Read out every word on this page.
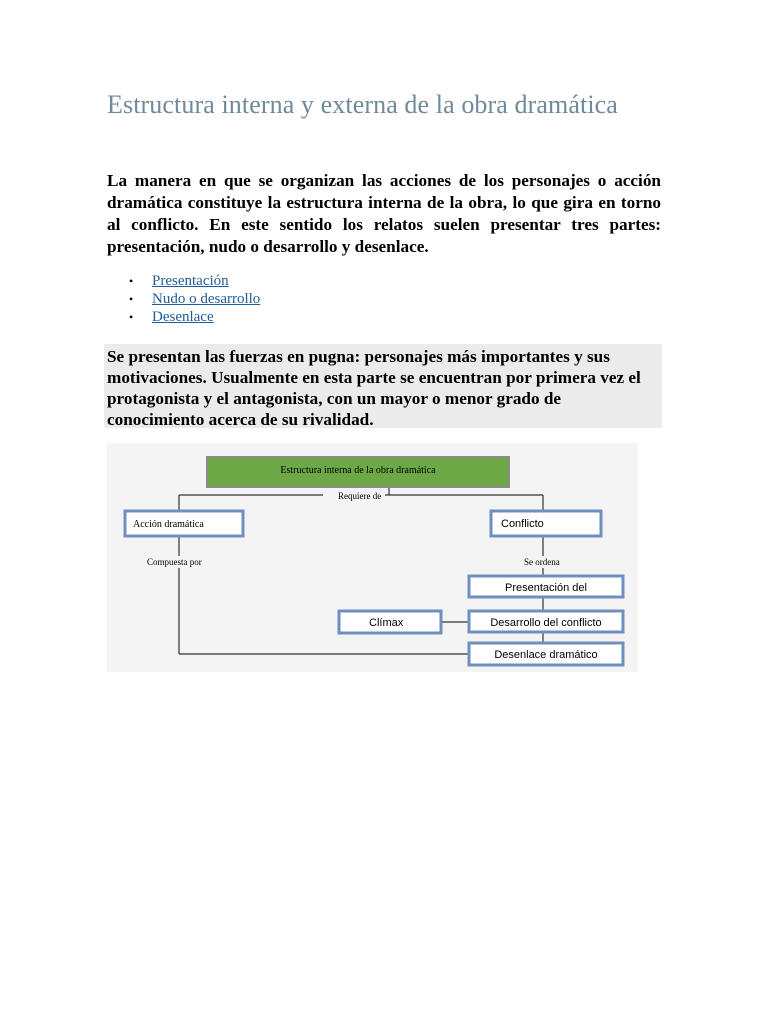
Estructura interna y externa de la obra dramática

La manera en que se organizan las acciones de los personajes o acción dramática constituye la estructura interna de la obra, lo que gira en torno al conflicto. En este sentido los relatos suelen presentar tres partes: presentación, nudo o desarrollo y desenlace.

• Presentación
• Nudo o desarrollo
• Desenlace

Se presentan las fuerzas en pugna: personajes más importantes y sus motivaciones. Usualmente en esta parte se encuentran por primera vez el protagonista y el antagonista, con un mayor o menor grado de conocimiento acerca de su rivalidad.

Estructura interna de la obra dramática
Requiere de
Compuesta por	Se ordena
Acción dramática	Conflicto
Presentación del
Clímax	Desarrollo del conflicto
Desenlace dramático
